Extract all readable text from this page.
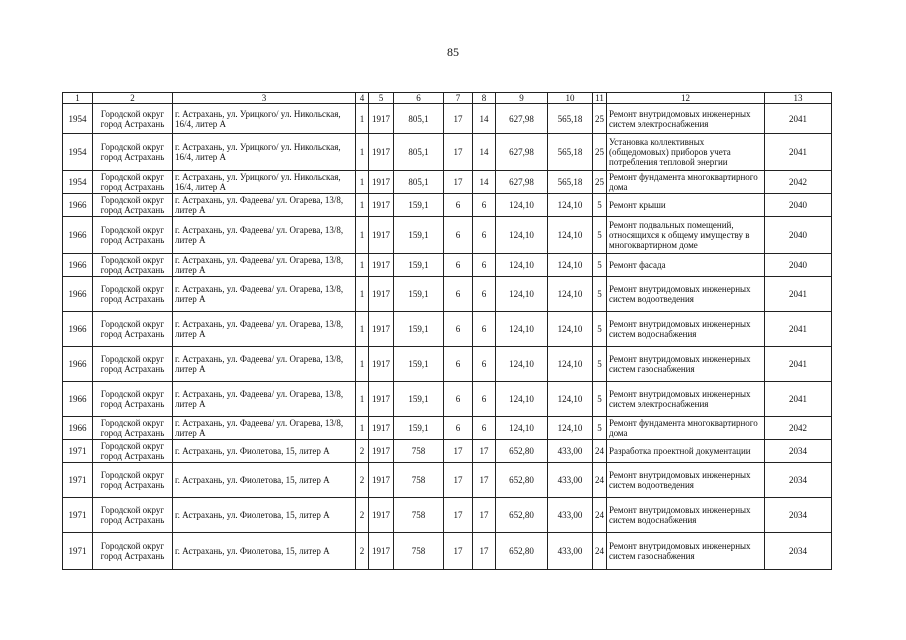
85
1	2	3	4	5	6	7	8	9	10	11	12	13
1954	Городской округ город Астрахань	г. Астрахань, ул. Урицкого/ ул. Никольская, 16/4, литер А	1	1917	805,1	17	14	627,98	565,18	25	Ремонт внутридомовых инженерных систем электроснабжения	2041
1954	Городской округ город Астрахань	г. Астрахань, ул. Урицкого/ ул. Никольская, 16/4, литер А	1	1917	805,1	17	14	627,98	565,18	25	Установка коллективных (общедомовых) приборов учета потребления тепловой энергии	2041
1954	Городской округ город Астрахань	г. Астрахань, ул. Урицкого/ ул. Никольская, 16/4, литер А	1	1917	805,1	17	14	627,98	565,18	25	Ремонт фундамента многоквартирного дома	2042
1966	Городской округ город Астрахань	г. Астрахань, ул. Фадеева/ ул. Огарева, 13/8, литер А	1	1917	159,1	6	6	124,10	124,10	5	Ремонт крыши	2040
1966	Городской округ город Астрахань	г. Астрахань, ул. Фадеева/ ул. Огарева, 13/8, литер А	1	1917	159,1	6	6	124,10	124,10	5	Ремонт подвальных помещений, относящихся к общему имуществу в многоквартирном доме	2040
1966	Городской округ город Астрахань	г. Астрахань, ул. Фадеева/ ул. Огарева, 13/8, литер А	1	1917	159,1	6	6	124,10	124,10	5	Ремонт фасада	2040
1966	Городской округ город Астрахань	г. Астрахань, ул. Фадеева/ ул. Огарева, 13/8, литер А	1	1917	159,1	6	6	124,10	124,10	5	Ремонт внутридомовых инженерных систем водоотведения	2041
1966	Городской округ город Астрахань	г. Астрахань, ул. Фадеева/ ул. Огарева, 13/8, литер А	1	1917	159,1	6	6	124,10	124,10	5	Ремонт внутридомовых инженерных систем водоснабжения	2041
1966	Городской округ город Астрахань	г. Астрахань, ул. Фадеева/ ул. Огарева, 13/8, литер А	1	1917	159,1	6	6	124,10	124,10	5	Ремонт внутридомовых инженерных систем газоснабжения	2041
1966	Городской округ город Астрахань	г. Астрахань, ул. Фадеева/ ул. Огарева, 13/8, литер А	1	1917	159,1	6	6	124,10	124,10	5	Ремонт внутридомовых инженерных систем электроснабжения	2041
1966	Городской округ город Астрахань	г. Астрахань, ул. Фадеева/ ул. Огарева, 13/8, литер А	1	1917	159,1	6	6	124,10	124,10	5	Ремонт фундамента многоквартирного дома	2042
1971	Городской округ город Астрахань	г. Астрахань, ул. Фиолетова, 15, литер А	2	1917	758	17	17	652,80	433,00	24	Разработка проектной документации	2034
1971	Городской округ город Астрахань	г. Астрахань, ул. Фиолетова, 15, литер А	2	1917	758	17	17	652,80	433,00	24	Ремонт внутридомовых инженерных систем водоотведения	2034
1971	Городской округ город Астрахань	г. Астрахань, ул. Фиолетова, 15, литер А	2	1917	758	17	17	652,80	433,00	24	Ремонт внутридомовых инженерных систем водоснабжения	2034
1971	Городской округ город Астрахань	г. Астрахань, ул. Фиолетова, 15, литер А	2	1917	758	17	17	652,80	433,00	24	Ремонт внутридомовых инженерных систем газоснабжения	2034
